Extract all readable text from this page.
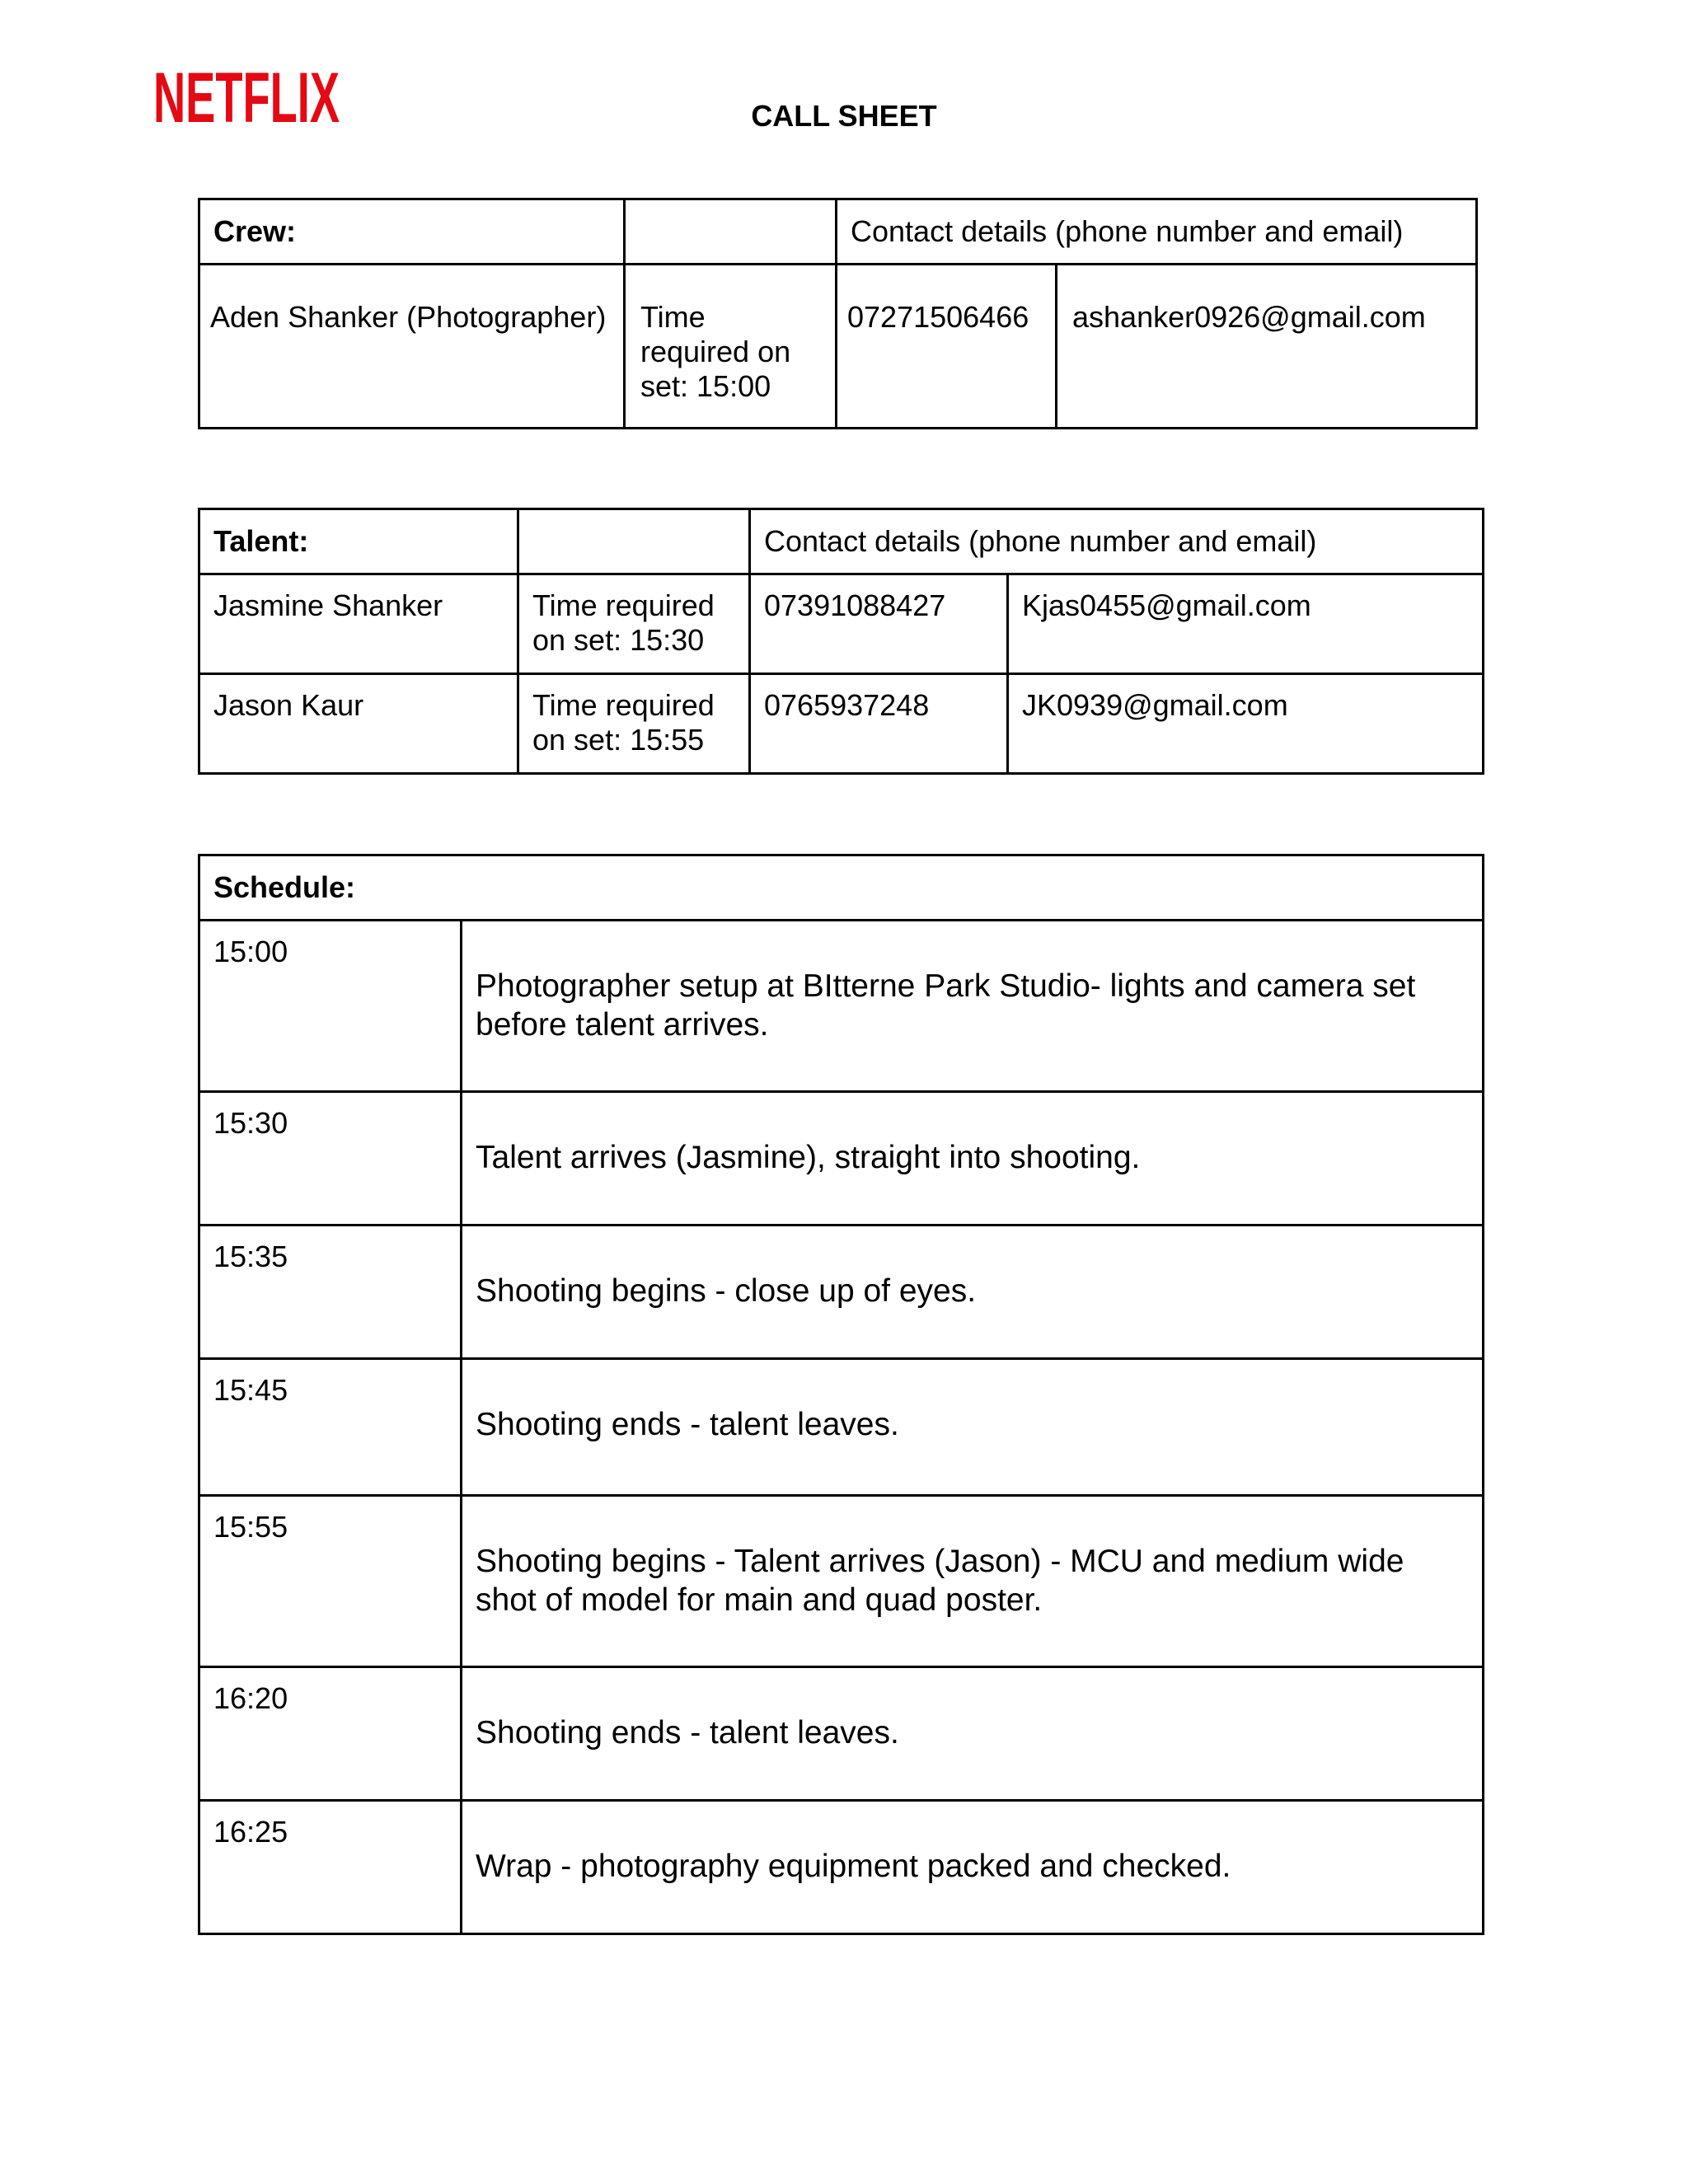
NETFLIX	CALL SHEET
Crew:		Contact details (phone number and email)	

Aden Shanker (Photographer)	Time required on set: 15:00	07271506466	ashanker0926@gmail.com
Talent:		Contact details (phone number and email)	

Jasmine Shanker	Time required on set: 15:30	07391088427	Kjas0455@gmail.com

Jason Kaur	Time required on set: 15:55	0765937248	JK0939@gmail.com
Schedule:	

15:00	Photographer setup at BItterne Park Studio- lights and camera set before talent arrives.

15:30	Talent arrives (Jasmine), straight into shooting.

15:35	Shooting begins - close up of eyes.

15:45	Shooting ends - talent leaves.

15:55	Shooting begins - Talent arrives (Jason) - MCU and medium wide shot of model for main and quad poster.

16:20	Shooting ends - talent leaves.

16:25	Wrap - photography equipment packed and checked.
